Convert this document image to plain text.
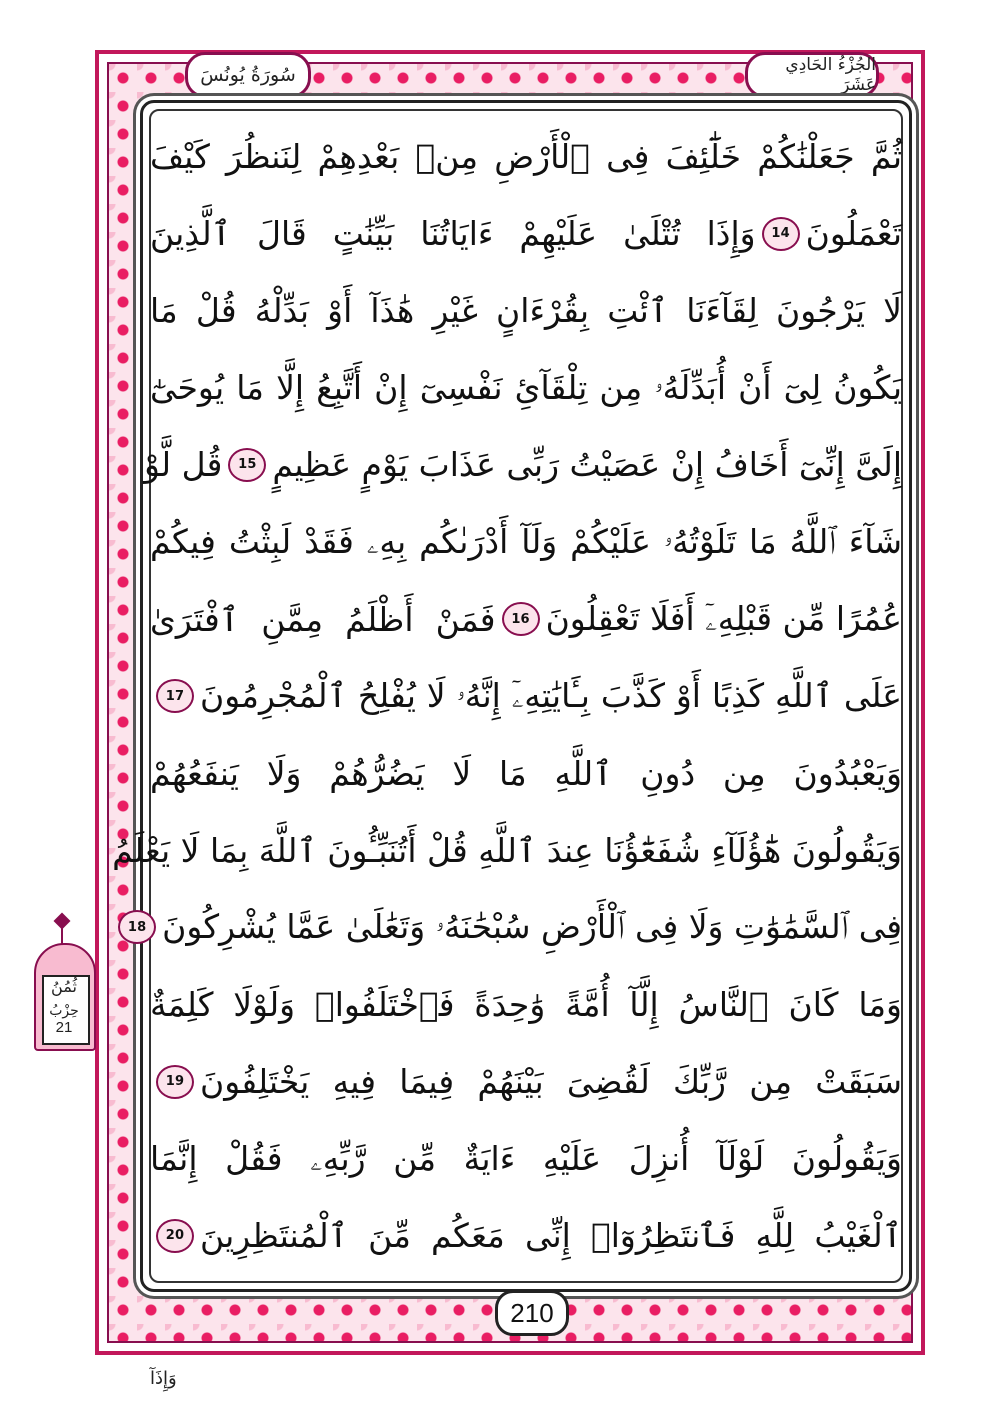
سُورَةُ يُونُسَ	الجُزْءُ الحَادِي عَشَرَ
ثُمَّ جَعَلْنَٰكُمْ خَلَٰٓئِفَ فِى ٱلْأَرْضِ مِنۢ بَعْدِهِمْ لِنَنظُرَ كَيْفَ
تَعْمَلُونَ
14
وَإِذَا تُتْلَىٰ عَلَيْهِمْ ءَايَاتُنَا بَيِّنَٰتٍ قَالَ ٱلَّذِينَ
لَا يَرْجُونَ لِقَآءَنَا ٱئْتِ بِقُرْءَانٍ غَيْرِ هَٰذَآ أَوْ بَدِّلْهُ قُلْ مَا
يَكُونُ لِىٓ أَنْ أُبَدِّلَهُۥ مِن تِلْقَآئِ نَفْسِىٓ إِنْ أَتَّبِعُ إِلَّا مَا يُوحَىٰٓ
إِلَىَّ إِنِّىٓ أَخَافُ إِنْ عَصَيْتُ رَبِّى عَذَابَ يَوْمٍ عَظِيمٍ
15
قُل لَّوْ
شَآءَ ٱللَّهُ مَا تَلَوْتُهُۥ عَلَيْكُمْ وَلَآ أَدْرَىٰكُم بِهِۦ فَقَدْ لَبِثْتُ فِيكُمْ
عُمُرًا مِّن قَبْلِهِۦٓ أَفَلَا تَعْقِلُونَ
16
فَمَنْ أَظْلَمُ مِمَّنِ ٱفْتَرَىٰ
عَلَى ٱللَّهِ كَذِبًا أَوْ كَذَّبَ بِـَٔايَٰتِهِۦٓ إِنَّهُۥ لَا يُفْلِحُ ٱلْمُجْرِمُونَ
17
وَيَعْبُدُونَ مِن دُونِ ٱللَّهِ مَا لَا يَضُرُّهُمْ وَلَا يَنفَعُهُمْ
وَيَقُولُونَ هَٰٓؤُلَآءِ شُفَعَٰٓؤُنَا عِندَ ٱللَّهِ قُلْ أَتُنَبِّـُٔونَ ٱللَّهَ بِمَا لَا يَعْلَمُ
فِى ٱلسَّمَٰوَٰتِ وَلَا فِى ٱلْأَرْضِ سُبْحَٰنَهُۥ وَتَعَٰلَىٰ عَمَّا يُشْرِكُونَ
18
وَمَا كَانَ ٱلنَّاسُ إِلَّآ أُمَّةً وَٰحِدَةً فَٱخْتَلَفُوا۟ وَلَوْلَا كَلِمَةٌ
سَبَقَتْ مِن رَّبِّكَ لَقُضِىَ بَيْنَهُمْ فِيمَا فِيهِ يَخْتَلِفُونَ
19
وَيَقُولُونَ لَوْلَآ أُنزِلَ عَلَيْهِ ءَايَةٌ مِّن رَّبِّهِۦ فَقُلْ إِنَّمَا
ٱلْغَيْبُ لِلَّهِ فَٱنتَظِرُوٓا۟ إِنِّى مَعَكُم مِّنَ ٱلْمُنتَظِرِينَ
20
210
وَإِذَآ
ثُمُنُ
حِزْبُ
21
